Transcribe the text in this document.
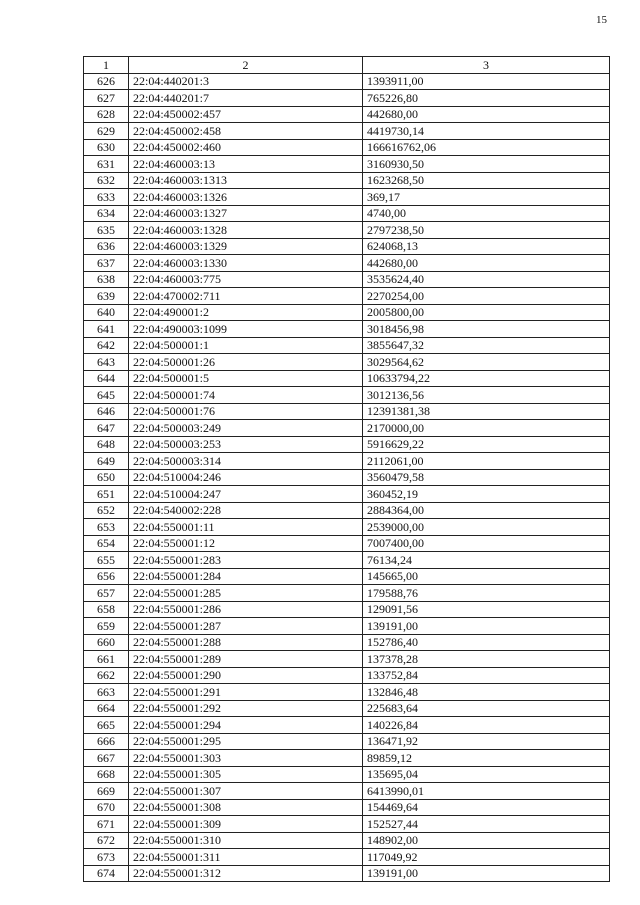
15
1	2	3
626	22:04:440201:3	1393911,00
627	22:04:440201:7	765226,80
628	22:04:450002:457	442680,00
629	22:04:450002:458	4419730,14
630	22:04:450002:460	166616762,06
631	22:04:460003:13	3160930,50
632	22:04:460003:1313	1623268,50
633	22:04:460003:1326	369,17
634	22:04:460003:1327	4740,00
635	22:04:460003:1328	2797238,50
636	22:04:460003:1329	624068,13
637	22:04:460003:1330	442680,00
638	22:04:460003:775	3535624,40
639	22:04:470002:711	2270254,00
640	22:04:490001:2	2005800,00
641	22:04:490003:1099	3018456,98
642	22:04:500001:1	3855647,32
643	22:04:500001:26	3029564,62
644	22:04:500001:5	10633794,22
645	22:04:500001:74	3012136,56
646	22:04:500001:76	12391381,38
647	22:04:500003:249	2170000,00
648	22:04:500003:253	5916629,22
649	22:04:500003:314	2112061,00
650	22:04:510004:246	3560479,58
651	22:04:510004:247	360452,19
652	22:04:540002:228	2884364,00
653	22:04:550001:11	2539000,00
654	22:04:550001:12	7007400,00
655	22:04:550001:283	76134,24
656	22:04:550001:284	145665,00
657	22:04:550001:285	179588,76
658	22:04:550001:286	129091,56
659	22:04:550001:287	139191,00
660	22:04:550001:288	152786,40
661	22:04:550001:289	137378,28
662	22:04:550001:290	133752,84
663	22:04:550001:291	132846,48
664	22:04:550001:292	225683,64
665	22:04:550001:294	140226,84
666	22:04:550001:295	136471,92
667	22:04:550001:303	89859,12
668	22:04:550001:305	135695,04
669	22:04:550001:307	6413990,01
670	22:04:550001:308	154469,64
671	22:04:550001:309	152527,44
672	22:04:550001:310	148902,00
673	22:04:550001:311	117049,92
674	22:04:550001:312	139191,00
